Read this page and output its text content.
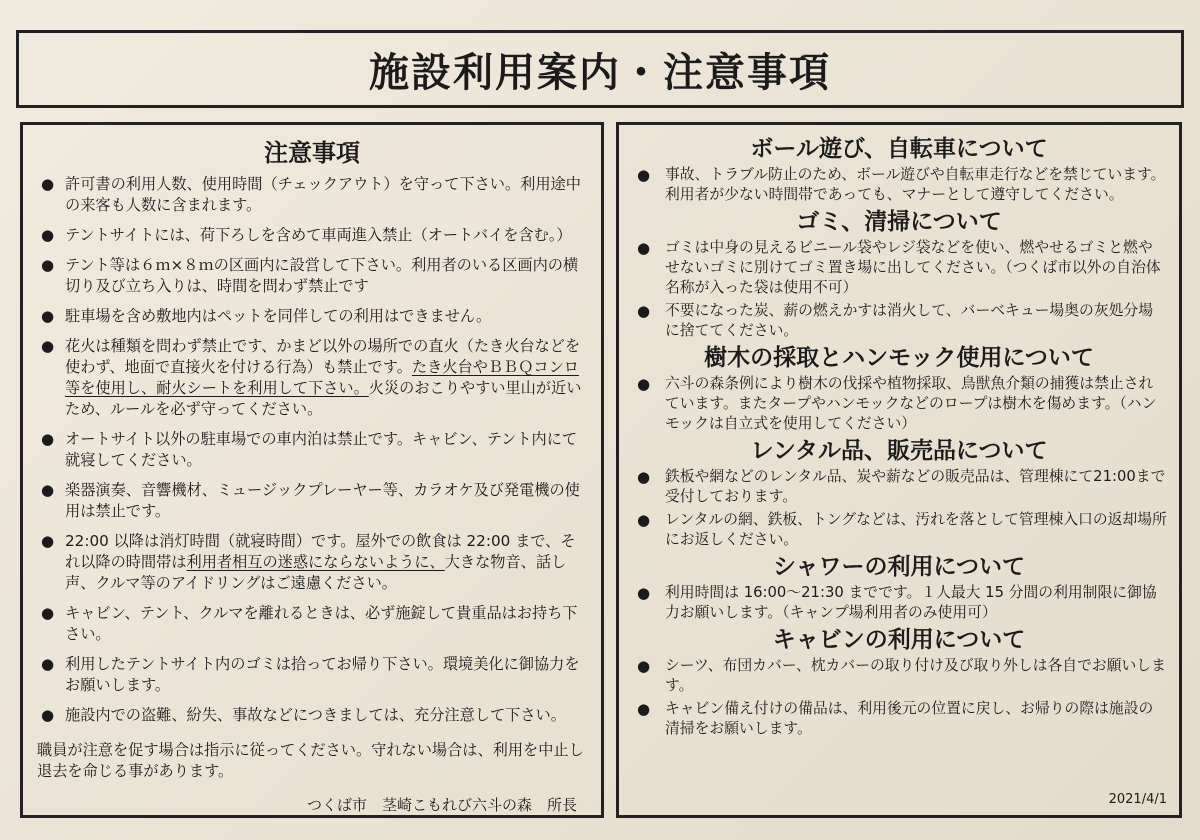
施設利用案内・注意事項
注意事項
● 許可書の利用人数、使用時間（チェックアウト）を守って下さい。利用途中の来客も人数に含まれます。
● テントサイトには、荷下ろしを含めて車両進入禁止（オートバイを含む。）
● テント等は６ｍ×８ｍの区画内に設営して下さい。利用者のいる区画内の横切り及び立ち入りは、時間を問わず禁止です
● 駐車場を含め敷地内はペットを同伴しての利用はできません。
● 花火は種類を問わず禁止です、かまど以外の場所での直火（たき火台などを使わず、地面で直接火を付ける行為）も禁止です。たき火台やＢＢＱコンロ等を使用し、耐火シートを利用して下さい。火災のおこりやすい里山が近いため、ルールを必ず守ってください。
● オートサイト以外の駐車場での車内泊は禁止です。キャビン、テント内にて就寝してください。
● 楽器演奏、音響機材、ミュージックプレーヤー等、カラオケ及び発電機の使用は禁止です。
● 22:00 以降は消灯時間（就寝時間）です。屋外での飲食は 22:00 まで、それ以降の時間帯は利用者相互の迷惑にならないように、大きな物音、話し声、クルマ等のアイドリングはご遠慮ください。
● キャビン、テント、クルマを離れるときは、必ず施錠して貴重品はお持ち下さい。
● 利用したテントサイト内のゴミは拾ってお帰り下さい。環境美化に御協力をお願いします。
● 施設内での盗難、紛失、事故などにつきましては、充分注意して下さい。
職員が注意を促す場合は指示に従ってください。守れない場合は、利用を中止し退去を命じる事があります。
つくば市　茎崎こもれび六斗の森　所長
ボール遊び、自転車について
● 事故、トラブル防止のため、ボール遊びや自転車走行などを禁じています。利用者が少ない時間帯であっても、マナーとして遵守してください。
ゴミ、清掃について
● ゴミは中身の見えるビニール袋やレジ袋などを使い、燃やせるゴミと燃やせないゴミに別けてゴミ置き場に出してください。（つくば市以外の自治体名称が入った袋は使用不可）
● 不要になった炭、薪の燃えかすは消火して、バーベキュー場奥の灰処分場に捨ててください。
樹木の採取とハンモック使用について
● 六斗の森条例により樹木の伐採や植物採取、鳥獣魚介類の捕獲は禁止されています。またタープやハンモックなどのロープは樹木を傷めます。（ハンモックは自立式を使用してください）
レンタル品、販売品について
● 鉄板や網などのレンタル品、炭や薪などの販売品は、管理棟にて21:00まで受付しております。
● レンタルの網、鉄板、トングなどは、汚れを落として管理棟入口の返却場所にお返しください。
シャワーの利用について
● 利用時間は 16:00～21:30 までです。１人最大 15 分間の利用制限に御協力お願いします。（キャンプ場利用者のみ使用可）
キャビンの利用について
● シーツ、布団カバー、枕カバーの取り付け及び取り外しは各自でお願いします。
● キャビン備え付けの備品は、利用後元の位置に戻し、お帰りの際は施設の清掃をお願いします。
2021/4/1
